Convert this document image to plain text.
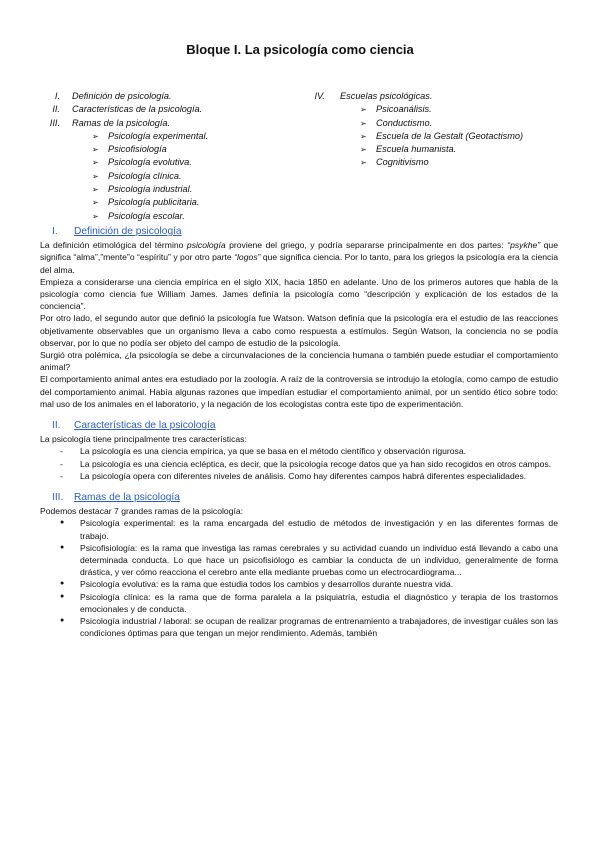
Bloque I. La psicología como ciencia
I.	Definición de psicología.
II.	Características de la psicología.
III.	Ramas de la psicología.
➢	Psicología experimental.
➢	Psicofisiología
➢	Psicología evolutiva.
➢	Psicología clínica.
➢	Psicología industrial.
➢	Psicología publicitaria.
➢	Psicología escolar.
IV.	Escuelas psicológicas.
➢	Psicoanálisis.
➢	Conductismo.
➢	Escuela de la Gestalt (Geotactismo)
➢	Escuela humanista.
➢	Cognitivismo
I.	Definición de psicología

La definición etimológica del término psicología proviene del griego, y podría separarse principalmente en dos partes: “psykhe” que significa “alma”,”mente”o “espíritu” y por otro parte “logos” que significa ciencia. Por lo tanto, para los griegos la psicología era la ciencia del alma.

Empieza a considerarse una ciencia empírica en el siglo XIX, hacia 1850 en adelante. Uno de los primeros autores que habla de la psicología como ciencia fue William James. James definía la psicología como “descripción y explicación de los estados de la conciencia”.

Por otro lado, el segundo autor que definió la psicología fue Watson. Watson definía que la psicología era el estudio de las reacciones objetivamente observables que un organismo lleva a cabo como respuesta a estímulos. Según Watson, la conciencia no se podía observar, por lo que no podía ser objeto del campo de estudio de la psicología.

Surgió otra polémica, ¿la psicología se debe a circunvalaciones de la conciencia humana o también puede estudiar el comportamiento animal?

El comportamiento animal antes era estudiado por la zoología. A raíz de la controversia se introdujo la etología, como campo de estudio del comportamiento animal. Había algunas razones que impedían estudiar el comportamiento animal, por un sentido ético sobre todo: mal uso de los animales en el laboratorio, y la negación de los ecologistas contra este tipo de experimentación.

II.	Características de la psicología

La psicología tiene principalmente tres características:

- La psicología es una ciencia empírica, ya que se basa en el método científico y observación rigurosa.
- La psicología es una ciencia ecléptica, es decir, que la psicología recoge datos que ya han sido recogidos en otros campos.
- La psicología opera con diferentes niveles de análisis. Como hay diferentes campos habrá diferentes especialidades.
III.	Ramas de la psicología

Podemos destacar 7 grandes ramas de la psicología:

● Psicología experimental: es la rama encargada del estudio de métodos de investigación y en las diferentes formas de trabajo.
● Psicofisiología: es la rama que investiga las ramas cerebrales y su actividad cuando un individuo está llevando a cabo una determinada conducta. Lo que hace un psicofisiólogo es cambiar la conducta de un individuo, generalmente de forma drástica, y ver cómo reacciona el cerebro ante ella mediante pruebas como un electrocardiograma...
● Psicología evolutiva: es la rama que estudia todos los cambios y desarrollos durante nuestra vida.
● Psicología clínica: es la rama que de forma paralela a la psiquiatría, estudia el diagnóstico y terapia de los trastornos emocionales y de conducta.
● Psicología industrial / laboral: se ocupan de realizar programas de entrenamiento a trabajadores, de investigar cuáles son las condiciones óptimas para que tengan un mejor rendimiento. Además, también
